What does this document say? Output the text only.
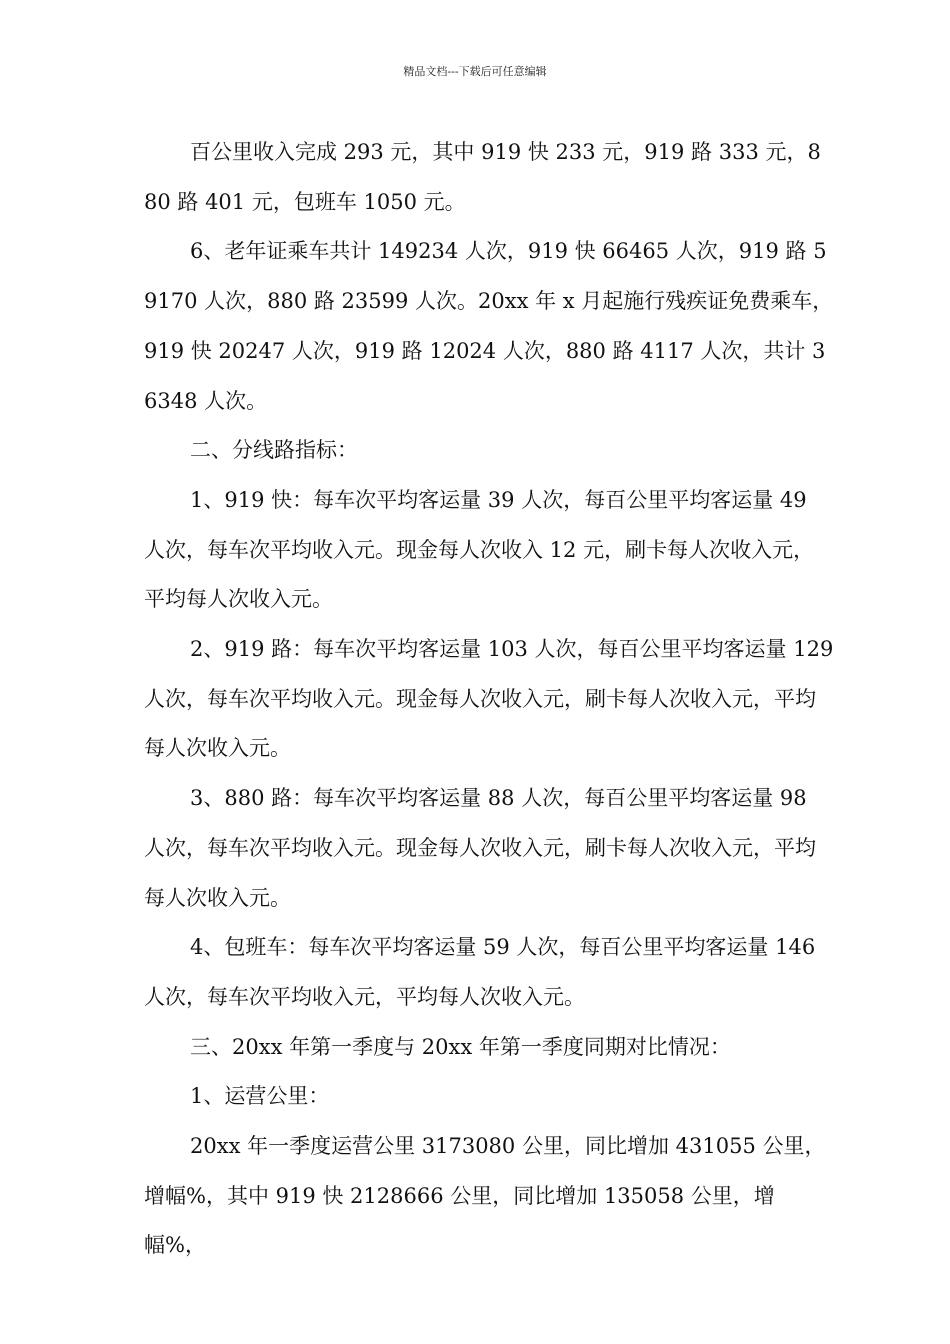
精品文档---下载后可任意编辑

百公里收入完成 293 元，其中 919 快 233 元，919 路 333 元，880 路 401 元，包班车 1050 元。

6、老年证乘车共计 149234 人次，919 快 66465 人次，919 路 59170 人次，880 路 23599 人次。20xx 年 x 月起施行残疾证免费乘车，919 快 20247 人次，919 路 12024 人次，880 路 4117 人次，共计 36348 人次。

二、分线路指标：

1、919 快：每车次平均客运量 39 人次，每百公里平均客运量 49 人次，每车次平均收入元。现金每人次收入 12 元，刷卡每人次收入元，平均每人次收入元。

2、919 路：每车次平均客运量 103 人次，每百公里平均客运量 129 人次，每车次平均收入元。现金每人次收入元，刷卡每人次收入元，平均每人次收入元。

3、880 路：每车次平均客运量 88 人次，每百公里平均客运量 98 人次，每车次平均收入元。现金每人次收入元，刷卡每人次收入元，平均每人次收入元。

4、包班车：每车次平均客运量 59 人次，每百公里平均客运量 146 人次，每车次平均收入元，平均每人次收入元。

三、20xx 年第一季度与 20xx 年第一季度同期对比情况：

1、运营公里：

20xx 年一季度运营公里 3173080 公里，同比增加 431055 公里，增幅%，其中 919 快 2128666 公里，同比增加 135058 公里，增幅%，
